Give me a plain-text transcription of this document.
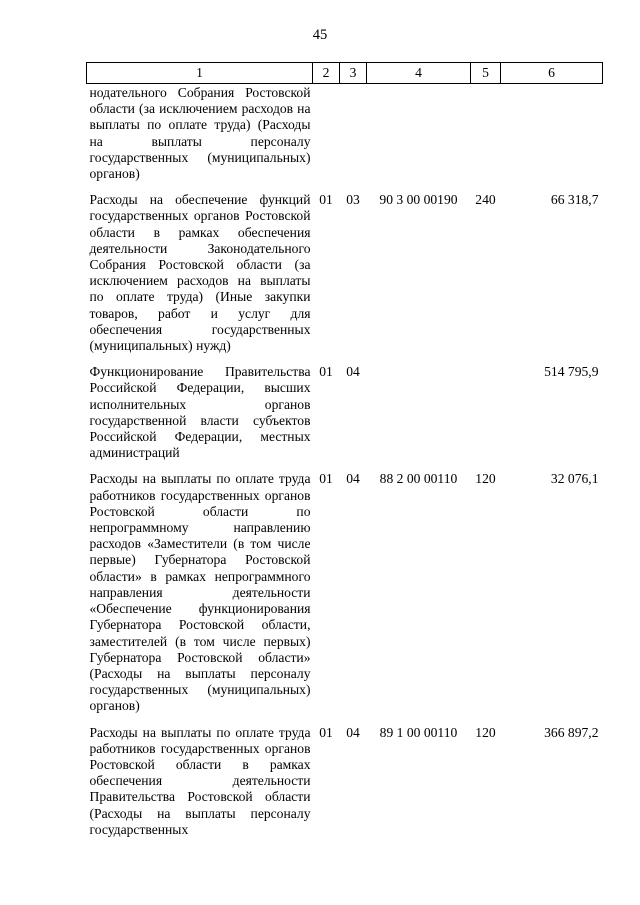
45
1	2	3	4	5	6
нодательного Собрания Ростовской области (за исключением расходов на выплаты по оплате труда) (Расходы на выплаты персоналу государственных (муниципальных) органов)					
Расходы на обеспечение функций государственных органов Ростовской области в рамках обеспечения деятельности Законодательного Собрания Ростовской области (за исключением расходов на выплаты по оплате труда) (Иные закупки товаров, работ и услуг для обеспечения государственных (муниципальных) нужд)	01	03	90 3 00 00190	240	66 318,7
Функционирование Правительства Российской Федерации, высших исполнительных органов государственной власти субъектов Российской Федерации, местных администраций	01	04			514 795,9
Расходы на выплаты по оплате труда работников государственных органов Ростовской области по непрограммному направлению расходов «Заместители (в том числе первые) Губернатора Ростовской области» в рамках непрограммного направления деятельности «Обеспечение функционирования Губернатора Ростовской области, заместителей (в том числе первых) Губернатора Ростовской области» (Расходы на выплаты персоналу государственных (муниципальных) органов)	01	04	88 2 00 00110	120	32 076,1
Расходы на выплаты по оплате труда работников государственных органов Ростовской области в рамках обеспечения деятельности Правительства Ростовской области (Расходы на выплаты персоналу государственных	01	04	89 1 00 00110	120	366 897,2
